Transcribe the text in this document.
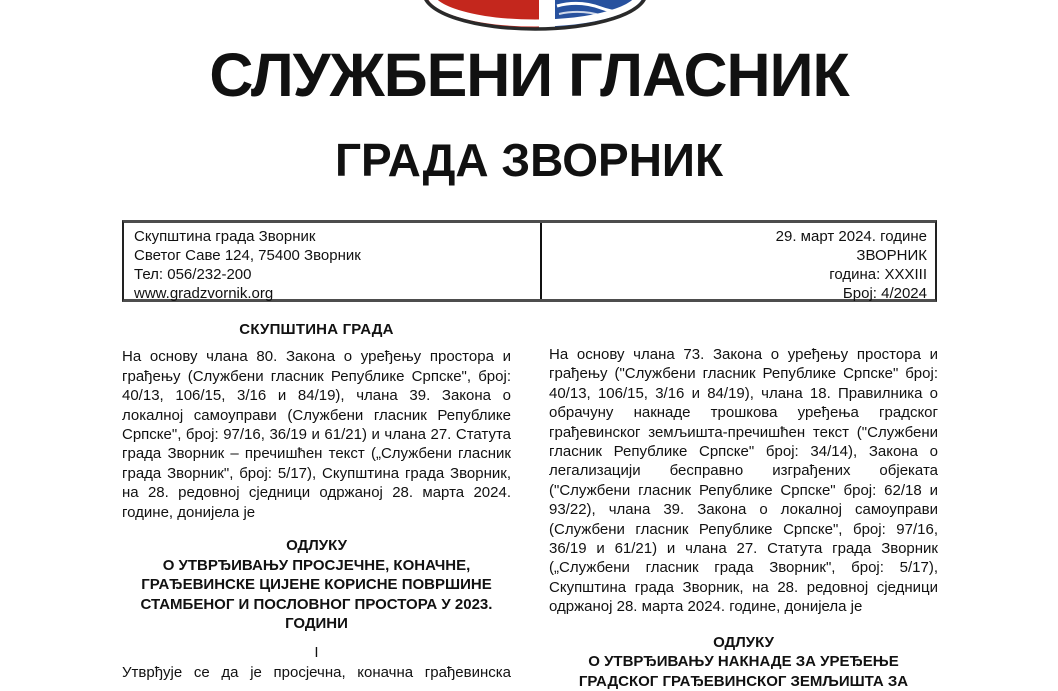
СЛУЖБЕНИ ГЛАСНИК
ГРАДА ЗВОРНИК
Скупштина града Зворник
Светог Саве 124, 75400 Зворник
Тел: 056/232-200
www.gradzvornik.org
29. март 2024. године
ЗВОРНИК
година: XXXIII
Број: 4/2024
СКУПШТИНА ГРАДА

На основу члана 80. Закона о уређењу простора и грађењу (Службени гласник Републике Српске", број: 40/13, 106/15, 3/16 и 84/19), члана 39. Закона о локалној самоуправи (Службени гласник Републике Српске", број: 97/16, 36/19 и 61/21) и члана 27. Статута града Зворник – пречишћен текст („Службени гласник града Зворник", број: 5/17), Скупштина града Зворник, на 28. редовној сједници одржаној 28. марта 2024. године, донијела је

ОДЛУКУ
О УТВРЂИВАЊУ ПРОСЈЕЧНЕ, КОНАЧНЕ,
ГРАЂЕВИНСКЕ ЦИЈЕНЕ КОРИСНЕ ПОВРШИНЕ
СТАМБЕНОГ И ПОСЛОВНОГ ПРОСТОРА У 2023.
ГОДИНИ
I

Утврђује се да је просјечна, коначна грађевинска

На основу члана 73. Закона о уређењу простора и грађењу ("Службени гласник Републике Српске" број: 40/13, 106/15, 3/16 и 84/19), члана 18. Правилника о обрачуну накнаде трошкова уређења градског грађевинског земљишта-пречишћен текст ("Службени гласник Републике Српске" број: 34/14), Закона о легализацији бесправно изграђених објеката ("Службени гласник Републике Српске" број: 62/18 и 93/22), члана 39. Закона о локалној самоуправи (Службени гласник Републике Српске", број: 97/16, 36/19 и 61/21) и члана 27. Статута града Зворник („Службени гласник града Зворник", број: 5/17), Скупштина града Зворник, на 28. редовној сједници одржаној 28. марта 2024. године, донијела је

ОДЛУКУ
О УТВРЂИВАЊУ НАКНАДЕ ЗА УРЕЂЕЊЕ
ГРАДСКОГ ГРАЂЕВИНСКОГ ЗЕМЉИШТА ЗА
